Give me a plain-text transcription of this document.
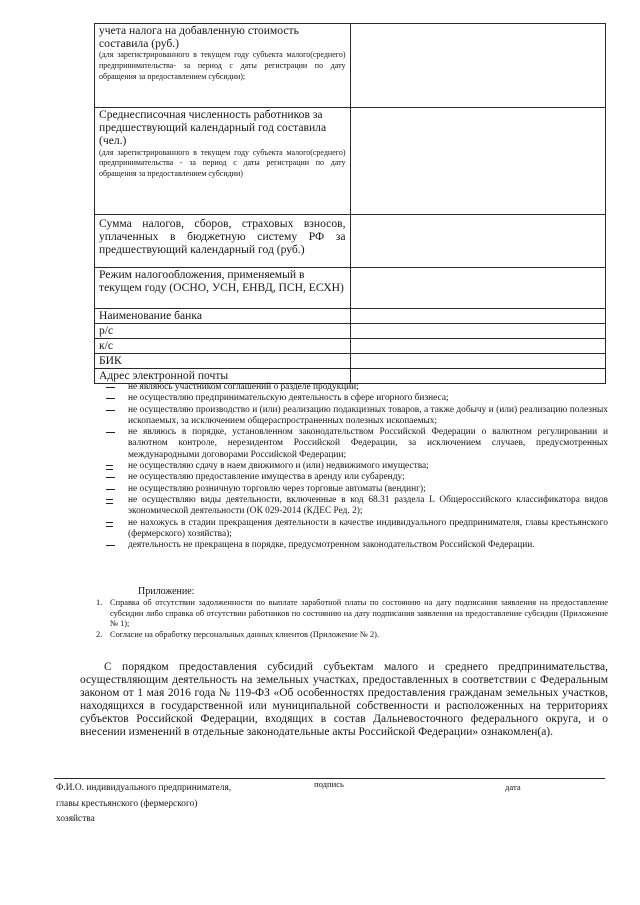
учета налога на добавленную стоимость составила (руб.)
(для зарегистрированного в текущем году субъекта малого(среднего) предпринимательства- за период с даты регистрации по дату обращения за предоставлением субсидии);	

Среднесписочная численность работников за предшествующий календарный год составила (чел.)
(для зарегистрированного в текущем году субъекта малого(среднего) предпринимательства - за период с даты регистрации по дату обращения за предоставлением субсидии)	

Сумма налогов, сборов, страховых взносов, уплаченных в бюджетную систему РФ за предшествующий календарный год (руб.)	

Режим налогообложения, применяемый в текущем году (ОСНО, УСН, ЕНВД, ПСН, ЕСХН)	

Наименование банка	

р/с	

к/с	

БИК	

Адрес электронной почты	

не являюсь участником соглашений о разделе продукции;
не осуществляю предпринимательскую деятельность в сфере игорного бизнеса;
не осуществляю производство и (или) реализацию подакцизных товаров, а также добычу и (или) реализацию полезных ископаемых, за исключением общераспространенных полезных ископаемых;
не являюсь в порядке, установленном законодательством Российской Федерации о валютном регулировании и валютном контроле, нерезидентом Российской Федерации, за исключением случаев, предусмотренных международными договорами Российской Федерации;
не осуществляю сдачу в наем движимого и (или) недвижимого имущества;
не осуществляю предоставление имущества в аренду или субаренду;
не осуществляю розничную торговлю через торговые автоматы (вендинг);
не осуществляю виды деятельности, включенные в код 68.31 раздела L Общероссийского классификатора видов экономической деятельности (ОК 029-2014 (КДЕС Ред. 2);
не нахожусь в стадии прекращения деятельности в качестве индивидуального предпринимателя, главы крестьянского (фермерского) хозяйства);
деятельность не прекращена в порядке, предусмотренном законодательством Российской Федерации.
Приложение:
1. Справка об отсутствии задолженности по выплате заработной платы по состоянию на дату подписания заявления на предоставление субсидии либо справка об отсутствии работников по состоянию на дату подписания заявления на предоставление субсидии (Приложение № 1);
2. Согласие на обработку персональных данных клиентов (Приложение № 2).
С порядком предоставления субсидий субъектам малого и среднего предпринимательства, осуществляющим деятельность на земельных участках, предоставленных в соответствии с Федеральным законом от 1 мая 2016 года № 119-ФЗ «Об особенностях предоставления гражданам земельных участков, находящихся в государственной или муниципальной собственности и расположенных на территориях субъектов Российской Федерации, входящих в состав Дальневосточного федерального округа, и о внесении изменений в отдельные законодательные акты Российской Федерации» ознакомлен(а).
Ф.И.О. индивидуального предпринимателя, главы крестьянского (фермерского) хозяйства
подпись	дата
